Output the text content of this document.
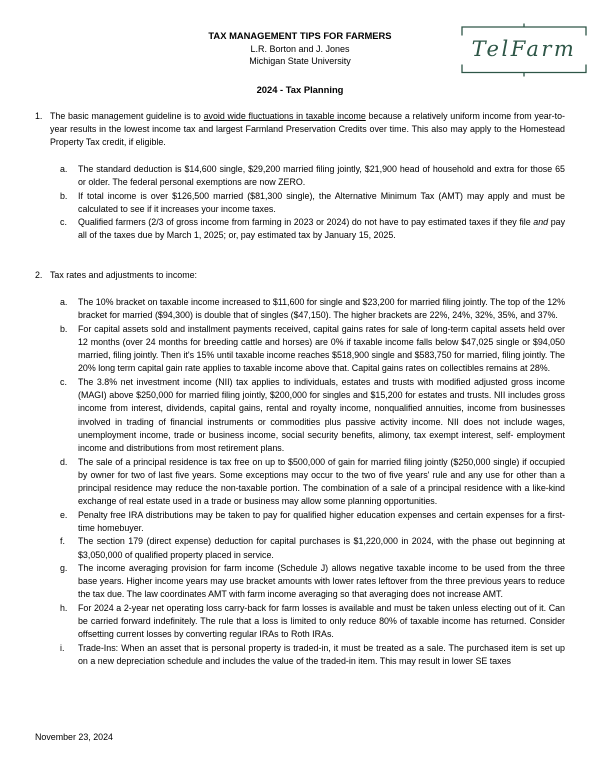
TAX MANAGEMENT TIPS FOR FARMERS
L.R. Borton and J. Jones
Michigan State University
2024 - Tax Planning
TelFarm
1. The basic management guideline is to avoid wide fluctuations in taxable income because a relatively uniform income from year-to-year results in the lowest income tax and largest Farmland Preservation Credits over time. This also may apply to the Homestead Property Tax credit, if eligible.
a.	The standard deduction is $14,600 single, $29,200 married filing jointly, $21,900 head of household and extra for those 65 or older. The federal personal exemptions are now ZERO.
b.	If total income is over $126,500 married ($81,300 single), the Alternative Minimum Tax (AMT) may apply and must be calculated to see if it increases your income taxes.
c.	Qualified farmers (2/3 of gross income from farming in 2023 or 2024) do not have to pay estimated taxes if they file and pay all of the taxes due by March 1, 2025; or, pay estimated tax by January 15, 2025.
2. Tax rates and adjustments to income:
a.	The 10% bracket on taxable income increased to $11,600 for single and $23,200 for married filing jointly. The top of the 12% bracket for married ($94,300) is double that of singles ($47,150). The higher brackets are 22%, 24%, 32%, 35%, and 37%.
b.	For capital assets sold and installment payments received, capital gains rates for sale of long-term capital assets held over 12 months (over 24 months for breeding cattle and horses) are 0% if taxable income falls below $47,025 single or $94,050 married, filing jointly. Then it's 15% until taxable income reaches $518,900 single and $583,750 for married, filing jointly. The 20% long term capital gain rate applies to taxable income above that. Capital gains rates on collectibles remains at 28%.
c.	The 3.8% net investment income (NII) tax applies to individuals, estates and trusts with modified adjusted gross income (MAGI) above $250,000 for married filing jointly, $200,000 for singles and $15,200 for estates and trusts. NII includes gross income from interest, dividends, capital gains, rental and royalty income, nonqualified annuities, income from businesses involved in trading of financial instruments or commodities plus passive activity income. NII does not include wages, unemployment income, trade or business income, social security benefits, alimony, tax exempt interest, self- employment income and distributions from most retirement plans.
d.	The sale of a principal residence is tax free on up to $500,000 of gain for married filing jointly ($250,000 single) if occupied by owner for two of last five years. Some exceptions may occur to the two of five years' rule and any use for other than a principal residence may reduce the non-taxable portion. The combination of a sale of a principal residence with a like-kind exchange of real estate used in a trade or business may allow some planning opportunities.
e.	Penalty free IRA distributions may be taken to pay for qualified higher education expenses and certain expenses for a first-time homebuyer.
f.	The section 179 (direct expense) deduction for capital purchases is $1,220,000 in 2024, with the phase out beginning at $3,050,000 of qualified property placed in service.
g.	The income averaging provision for farm income (Schedule J) allows negative taxable income to be used from the three base years. Higher income years may use bracket amounts with lower rates leftover from the three previous years to reduce the tax due. The law coordinates AMT with farm income averaging so that averaging does not increase AMT.
h.	For 2024 a 2-year net operating loss carry-back for farm losses is available and must be taken unless electing out of it. Can be carried forward indefinitely. The rule that a loss is limited to only reduce 80% of taxable income has returned. Consider offsetting current losses by converting regular IRAs to Roth IRAs.
i.	Trade-Ins: When an asset that is personal property is traded-in, it must be treated as a sale. The purchased item is set up on a new depreciation schedule and includes the value of the traded-in item. This may result in lower SE taxes
November 23, 2024
